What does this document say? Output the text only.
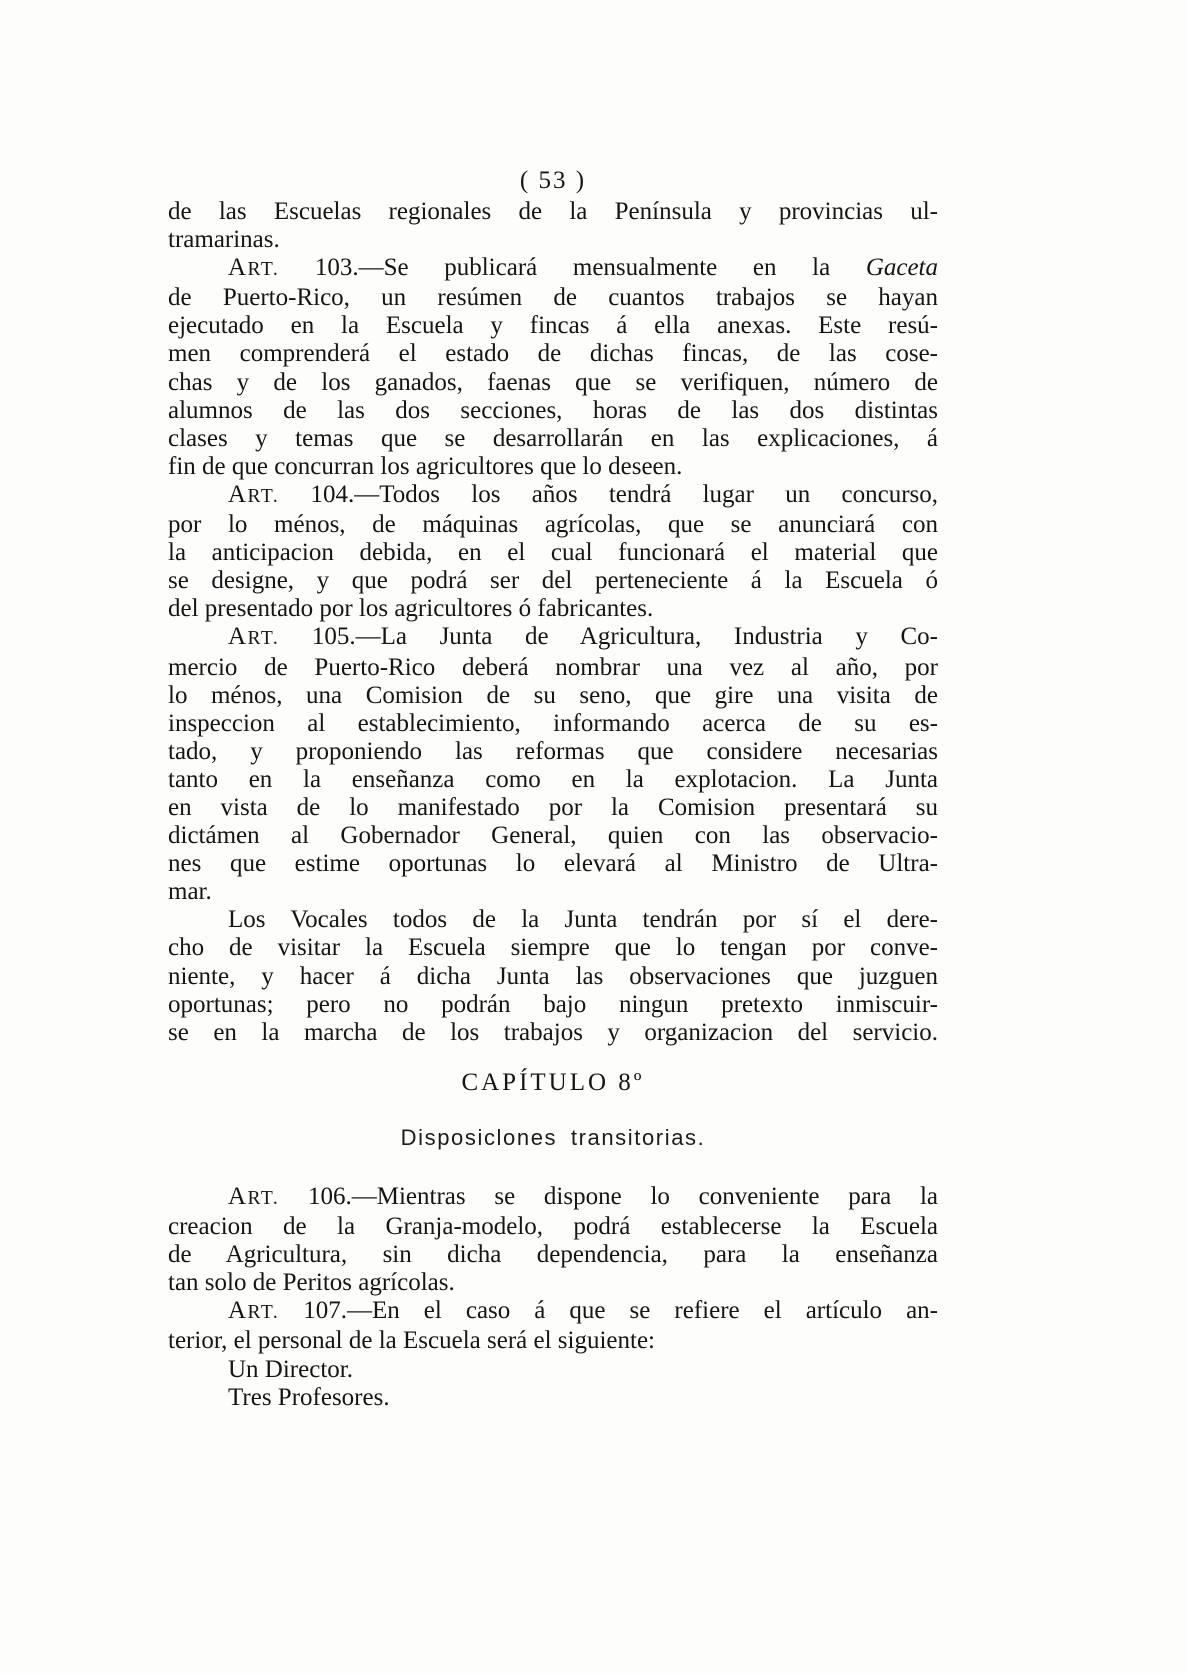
( 53 )
de las Escuelas regionales de la Península y provincias ul-
tramarinas.
ART. 103.—Se publicará mensualmente en la Gaceta
de Puerto-Rico, un resúmen de cuantos trabajos se hayan
ejecutado en la Escuela y fincas á ella anexas. Este resú-
men comprenderá el estado de dichas fincas, de las cose-
chas y de los ganados, faenas que se verifiquen, número de
alumnos de las dos secciones, horas de las dos distintas
clases y temas que se desarrollarán en las explicaciones, á
fin de que concurran los agricultores que lo deseen.
ART. 104.—Todos los años tendrá lugar un concurso,
por lo ménos, de máquinas agrícolas, que se anunciará con
la anticipacion debida, en el cual funcionará el material que
se designe, y que podrá ser del perteneciente á la Escuela ó
del presentado por los agricultores ó fabricantes.
ART. 105.—La Junta de Agricultura, Industria y Co-
mercio de Puerto-Rico deberá nombrar una vez al año, por
lo ménos, una Comision de su seno, que gire una visita de
inspeccion al establecimiento, informando acerca de su es-
tado, y proponiendo las reformas que considere necesarias
tanto en la enseñanza como en la explotacion. La Junta
en vista de lo manifestado por la Comision presentará su
dictámen al Gobernador General, quien con las observacio-
nes que estime oportunas lo elevará al Ministro de Ultra-
mar.
Los Vocales todos de la Junta tendrán por sí el dere-
cho de visitar la Escuela siempre que lo tengan por conve-
niente, y hacer á dicha Junta las observaciones que juzguen
oportunas; pero no podrán bajo ningun pretexto inmiscuir-
se en la marcha de los trabajos y organizacion del servicio.
CAPÍTULO 8º
Disposiclones transitorias.
ART. 106.—Mientras se dispone lo conveniente para la
creacion de la Granja-modelo, podrá establecerse la Escuela
de Agricultura, sin dicha dependencia, para la enseñanza
tan solo de Peritos agrícolas.
ART. 107.—En el caso á que se refiere el artículo an-
terior, el personal de la Escuela será el siguiente:
Un Director.
Tres Profesores.
